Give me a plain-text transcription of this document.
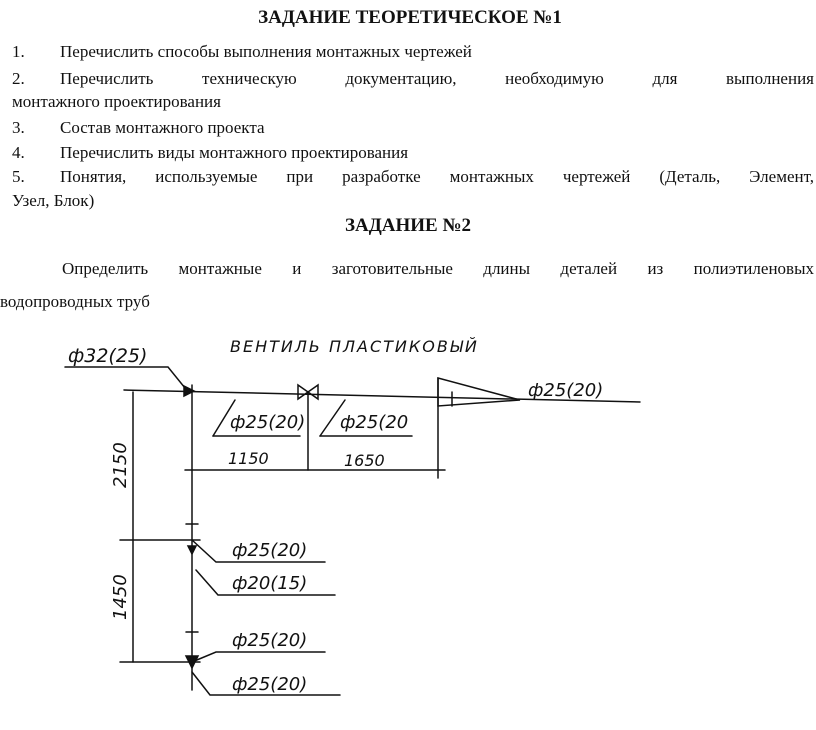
ЗАДАНИЕ ТЕОРЕТИЧЕСКОЕ №1
1.	Перечислить способы выполнения монтажных чертежей
2.	Перечислить техническую документацию, необходимую для выполнения
монтажного проектирования
3.	Состав монтажного проекта
4.	Перечислить виды монтажного проектирования
5.	Понятия, используемые при разработке монтажных чертежей (Деталь, Элемент,
Узел, Блок)
ЗАДАНИЕ №2
Определить монтажные и заготовительные длины деталей из полиэтиленовых
водопроводных труб
ВЕНТИЛЬ ПЛАСТИКОВЫЙ
ф32(25)
ф25(20)
ф25(20) ф25(20
1150	1650
2150
1450
ф25(20)
ф20(15)
ф25(20)
ф25(20)
